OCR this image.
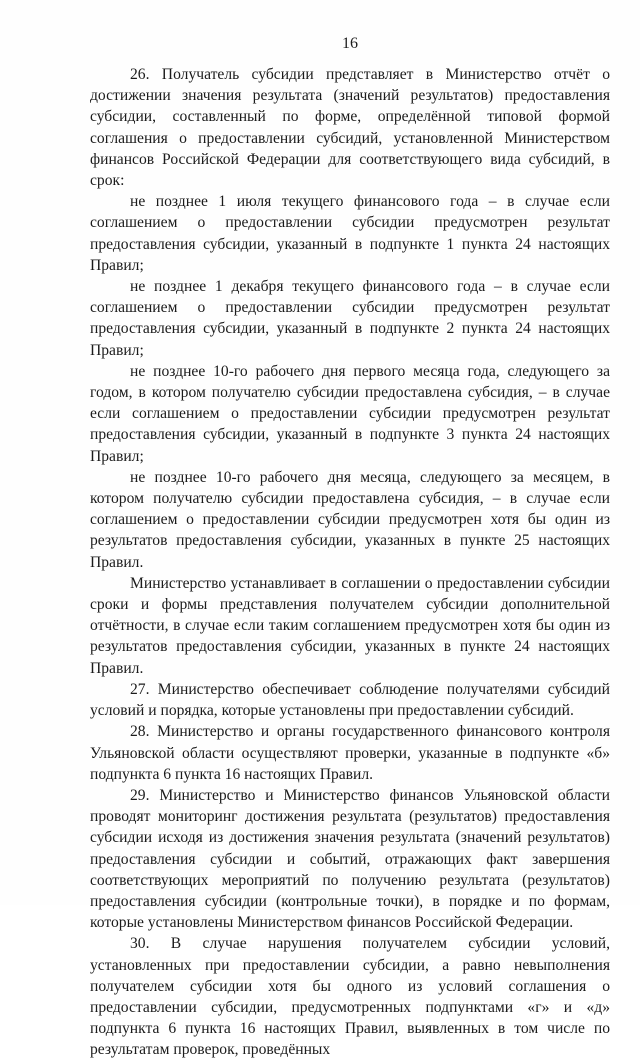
16

26. Получатель субсидии представляет в Министерство отчёт о достижении значения результата (значений результатов) предоставления субсидии, составленный по форме, определённой типовой формой соглашения о предоставлении субсидий, установленной Министерством финансов Российской Федерации для соответствующего вида субсидий, в срок:

не позднее 1 июля текущего финансового года – в случае если соглашением о предоставлении субсидии предусмотрен результат предоставления субсидии, указанный в подпункте 1 пункта 24 настоящих Правил;

не позднее 1 декабря текущего финансового года – в случае если соглашением о предоставлении субсидии предусмотрен результат предоставления субсидии, указанный в подпункте 2 пункта 24 настоящих Правил;

не позднее 10-го рабочего дня первого месяца года, следующего за годом, в котором получателю субсидии предоставлена субсидия, – в случае если соглашением о предоставлении субсидии предусмотрен результат предоставления субсидии, указанный в подпункте 3 пункта 24 настоящих Правил;

не позднее 10-го рабочего дня месяца, следующего за месяцем, в котором получателю субсидии предоставлена субсидия, – в случае если соглашением о предоставлении субсидии предусмотрен хотя бы один из результатов предоставления субсидии, указанных в пункте 25 настоящих Правил.

Министерство устанавливает в соглашении о предоставлении субсидии сроки и формы представления получателем субсидии дополнительной отчётности, в случае если таким соглашением предусмотрен хотя бы один из результатов предоставления субсидии, указанных в пункте 24 настоящих Правил.

27. Министерство обеспечивает соблюдение получателями субсидий условий и порядка, которые установлены при предоставлении субсидий.

28. Министерство и органы государственного финансового контроля Ульяновской области осуществляют проверки, указанные в подпункте «б» подпункта 6 пункта 16 настоящих Правил.

29. Министерство и Министерство финансов Ульяновской области проводят мониторинг достижения результата (результатов) предоставления субсидии исходя из достижения значения результата (значений результатов) предоставления субсидии и событий, отражающих факт завершения соответствующих мероприятий по получению результата (результатов) предоставления субсидии (контрольные точки), в порядке и по формам, которые установлены Министерством финансов Российской Федерации.

30. В случае нарушения получателем субсидии условий, установленных при предоставлении субсидии, а равно невыполнения получателем субсидии хотя бы одного из условий соглашения о предоставлении субсидии, предусмотренных подпунктами «г» и «д» подпункта 6 пункта 16 настоящих Правил, выявленных в том числе по результатам проверок, проведённых
